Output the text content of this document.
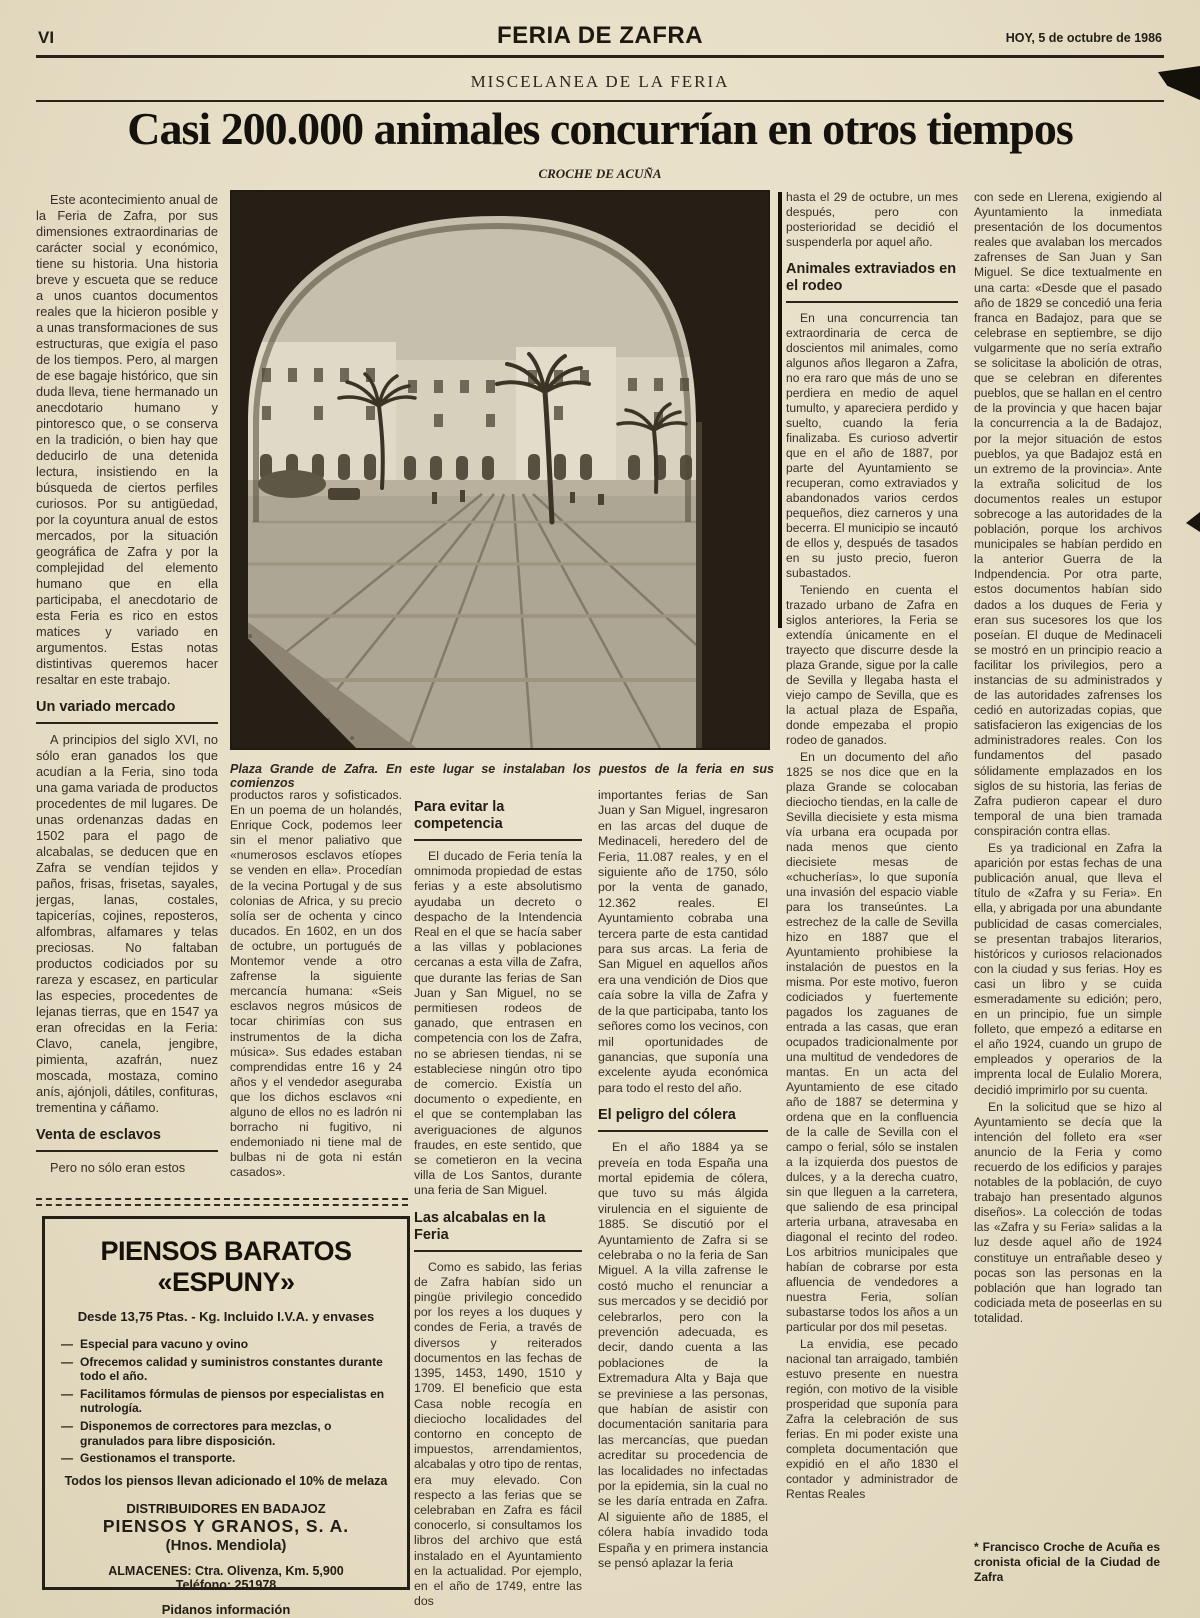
VI	FERIA DE ZAFRA	HOY, 5 de octubre de 1986
MISCELANEA DE LA FERIA
Casi 200.000 animales concurrían en otros tiempos
CROCHE DE ACUÑA
Plaza Grande de Zafra. En este lugar se instalaban los puestos de la feria en sus comienzos

Este acontecimiento anual de la Feria de Zafra, por sus dimensiones extraordinarias de carácter social y económico, tiene su historia. Una historia breve y escueta que se reduce a unos cuantos documentos reales que la hicieron posible y a unas transformaciones de sus estructuras, que exigía el paso de los tiempos. Pero, al margen de ese bagaje histórico, que sin duda lleva, tiene hermanado un anecdotario humano y pintoresco que, o se conserva en la tradición, o bien hay que deducirlo de una detenida lectura, insistiendo en la búsqueda de ciertos perfiles curiosos. Por su antigüedad, por la coyuntura anual de estos mercados, por la situación geográfica de Zafra y por la complejidad del elemento humano que en ella participaba, el anecdotario de esta Feria es rico en estos matices y variado en argumentos. Estas notas distintivas queremos hacer resaltar en este trabajo.

Un variado mercado

A principios del siglo XVI, no sólo eran ganados los que acudían a la Feria, sino toda una gama variada de productos procedentes de mil lugares. De unas ordenanzas dadas en 1502 para el pago de alcabalas, se deducen que en Zafra se vendían tejidos y paños, frisas, frisetas, sayales, jergas, lanas, costales, tapicerías, cojines, reposteros, alfombras, alfamares y telas preciosas. No faltaban productos codiciados por su rareza y escasez, en particular las especies, procedentes de lejanas tierras, que en 1547 ya eran ofrecidas en la Feria: Clavo, canela, jengibre, pimienta, azafrán, nuez moscada, mostaza, comino anís, ajónjoli, dátiles, confituras, trementina y cáñamo.

Venta de esclavos

Pero no sólo eran estos

productos raros y sofisticados. En un poema de un holandés, Enrique Cock, podemos leer sin el menor paliativo que «numerosos esclavos etíopes se venden en ella». Procedían de la vecina Portugal y de sus colonias de Africa, y su precio solía ser de ochenta y cinco ducados. En 1602, en un dos de octubre, un portugués de Montemor vende a otro zafrense la siguiente mercancía humana: «Seis esclavos negros músicos de tocar chirimías con sus instrumentos de la dicha música». Sus edades estaban comprendidas entre 16 y 24 años y el vendedor aseguraba que los dichos esclavos «ni alguno de ellos no es ladrón ni borracho ni fugitivo, ni endemoniado ni tiene mal de bulbas ni de gota ni están casados».

Para evitar la competencia

El ducado de Feria tenía la omnimoda propiedad de estas ferias y a este absolutismo ayudaba un decreto o despacho de la Intendencia Real en el que se hacía saber a las villas y poblaciones cercanas a esta villa de Zafra, que durante las ferias de San Juan y San Miguel, no se permitiesen rodeos de ganado, que entrasen en competencia con los de Zafra, no se abriesen tiendas, ni se estableciese ningún otro tipo de comercio. Existía un documento o expediente, en el que se contemplaban las averiguaciones de algunos fraudes, en este sentido, que se cometieron en la vecina villa de Los Santos, durante una feria de San Miguel.

Las alcabalas en la Feria

Como es sabido, las ferias de Zafra habían sido un pingüe privilegio concedido por los reyes a los duques y condes de Feria, a través de diversos y reiterados documentos en las fechas de 1395, 1453, 1490, 1510 y 1709. El beneficio que esta Casa noble recogía en dieciocho localidades del contorno en concepto de impuestos, arrendamientos, alcabalas y otro tipo de rentas, era muy elevado. Con respecto a las ferias que se celebraban en Zafra es fácil conocerlo, si consultamos los libros del archivo que está instalado en el Ayuntamiento en la actualidad. Por ejemplo, en el año de 1749, entre las dos

importantes ferias de San Juan y San Miguel, ingresaron en las arcas del duque de Medinaceli, heredero del de Feria, 11.087 reales, y en el siguiente año de 1750, sólo por la venta de ganado, 12.362 reales. El Ayuntamiento cobraba una tercera parte de esta cantidad para sus arcas. La feria de San Miguel en aquellos años era una vendición de Dios que caía sobre la villa de Zafra y de la que participaba, tanto los señores como los vecinos, con mil oportunidades de ganancias, que suponía una excelente ayuda económica para todo el resto del año.

El peligro del cólera

En el año 1884 ya se preveía en toda España una mortal epidemia de cólera, que tuvo su más álgida virulencia en el siguiente de 1885. Se discutió por el Ayuntamiento de Zafra si se celebraba o no la feria de San Miguel. A la villa zafrense le costó mucho el renunciar a sus mercados y se decidió por celebrarlos, pero con la prevención adecuada, es decir, dando cuenta a las poblaciones de la Extremadura Alta y Baja que se previniese a las personas, que habían de asistir con documentación sanitaria para las mercancías, que puedan acreditar su procedencia de las localidades no infectadas por la epidemia, sin la cual no se les daría entrada en Zafra. Al siguiente año de 1885, el cólera había invadido toda España y en primera instancia se pensó aplazar la feria

hasta el 29 de octubre, un mes después, pero con posterioridad se decidió el suspenderla por aquel año.

Animales extraviados en el rodeo

En una concurrencia tan extraordinaria de cerca de doscientos mil animales, como algunos años llegaron a Zafra, no era raro que más de uno se perdiera en medio de aquel tumulto, y apareciera perdido y suelto, cuando la feria finalizaba. Es curioso advertir que en el año de 1887, por parte del Ayuntamiento se recuperan, como extraviados y abandonados varios cerdos pequeños, diez carneros y una becerra. El municipio se incautó de ellos y, después de tasados en su justo precio, fueron subastados.

Teniendo en cuenta el trazado urbano de Zafra en siglos anteriores, la Feria se extendía únicamente en el trayecto que discurre desde la plaza Grande, sigue por la calle de Sevilla y llegaba hasta el viejo campo de Sevilla, que es la actual plaza de España, donde empezaba el propio rodeo de ganados.

En un documento del año 1825 se nos dice que en la plaza Grande se colocaban dieciocho tiendas, en la calle de Sevilla diecisiete y esta misma vía urbana era ocupada por nada menos que ciento diecisiete mesas de «chucherías», lo que suponía una invasión del espacio viable para los transeúntes. La estrechez de la calle de Sevilla hizo en 1887 que el Ayuntamiento prohibiese la instalación de puestos en la misma. Por este motivo, fueron codiciados y fuertemente pagados los zaguanes de entrada a las casas, que eran ocupados tradicionalmente por una multitud de vendedores de mantas. En un acta del Ayuntamiento de ese citado año de 1887 se determina y ordena que en la confluencia de la calle de Sevilla con el campo o ferial, sólo se instalen a la izquierda dos puestos de dulces, y a la derecha cuatro, sin que lleguen a la carretera, que saliendo de esa principal arteria urbana, atravesaba en diagonal el recinto del rodeo. Los arbitrios municipales que habían de cobrarse por esta afluencia de vendedores a nuestra Feria, solían subastarse todos los años a un particular por dos mil pesetas.

La envidia, ese pecado nacional tan arraigado, también estuvo presente en nuestra región, con motivo de la visible prosperidad que suponía para Zafra la celebración de sus ferias. En mi poder existe una completa documentación que expidió en el año 1830 el contador y administrador de Rentas Reales

con sede en Llerena, exigiendo al Ayuntamiento la inmediata presentación de los documentos reales que avalaban los mercados zafrenses de San Juan y San Miguel. Se dice textualmente en una carta: «Desde que el pasado año de 1829 se concedió una feria franca en Badajoz, para que se celebrase en septiembre, se dijo vulgarmente que no sería extraño se solicitase la abolición de otras, que se celebran en diferentes pueblos, que se hallan en el centro de la provincia y que hacen bajar la concurrencia a la de Badajoz, por la mejor situación de estos pueblos, ya que Badajoz está en un extremo de la provincia». Ante la extraña solicitud de los documentos reales un estupor sobrecoge a las autoridades de la población, porque los archivos municipales se habían perdido en la anterior Guerra de la Indpendencia. Por otra parte, estos documentos habían sido dados a los duques de Feria y eran sus sucesores los que los poseían. El duque de Medinaceli se mostró en un principio reacio a facilitar los privilegios, pero a instancias de su administrados y de las autoridades zafrenses los cedió en autorizadas copias, que satisfacieron las exigencias de los administradores reales. Con los fundamentos del pasado sólidamente emplazados en los siglos de su historia, las ferias de Zafra pudieron capear el duro temporal de una bien tramada conspiración contra ellas.

Es ya tradicional en Zafra la aparición por estas fechas de una publicación anual, que lleva el título de «Zafra y su Feria». En ella, y abrigada por una abundante publicidad de casas comerciales, se presentan trabajos literarios, históricos y curiosos relacionados con la ciudad y sus ferias. Hoy es casi un libro y se cuida esmeradamente su edición; pero, en un principio, fue un simple folleto, que empezó a editarse en el año 1924, cuando un grupo de empleados y operarios de la imprenta local de Eulalio Morera, decidió imprimirlo por su cuenta.

En la solicitud que se hizo al Ayuntamiento se decía que la intención del folleto era «ser anuncio de la Feria y como recuerdo de los edificios y parajes notables de la población, de cuyo trabajo han presentado algunos diseños». La colección de todas las «Zafra y su Feria» salidas a la luz desde aquel año de 1924 constituye un entrañable deseo y pocas son las personas en la población que han logrado tan codiciada meta de poseerlas en su totalidad.

* Francisco Croche de Acuña es cronista oficial de la Ciudad de Zafra
PIENSOS BARATOS «ESPUNY»
Desde 13,75 Ptas. - Kg. Incluido I.V.A. y envases
— Especial para vacuno y ovino
— Ofrecemos calidad y suministros constantes durante todo el año.
— Facilitamos fórmulas de piensos por especialistas en nutrología.
— Disponemos de correctores para mezclas, o granulados para libre disposición.
— Gestionamos el transporte.
Todos los piensos llevan adicionado el 10% de melaza
DISTRIBUIDORES EN BADAJOZ
PIENSOS Y GRANOS, S. A.
(Hnos. Mendiola)
ALMACENES: Ctra. Olivenza, Km. 5,900
Teléfono: 251978
Pidanos información
